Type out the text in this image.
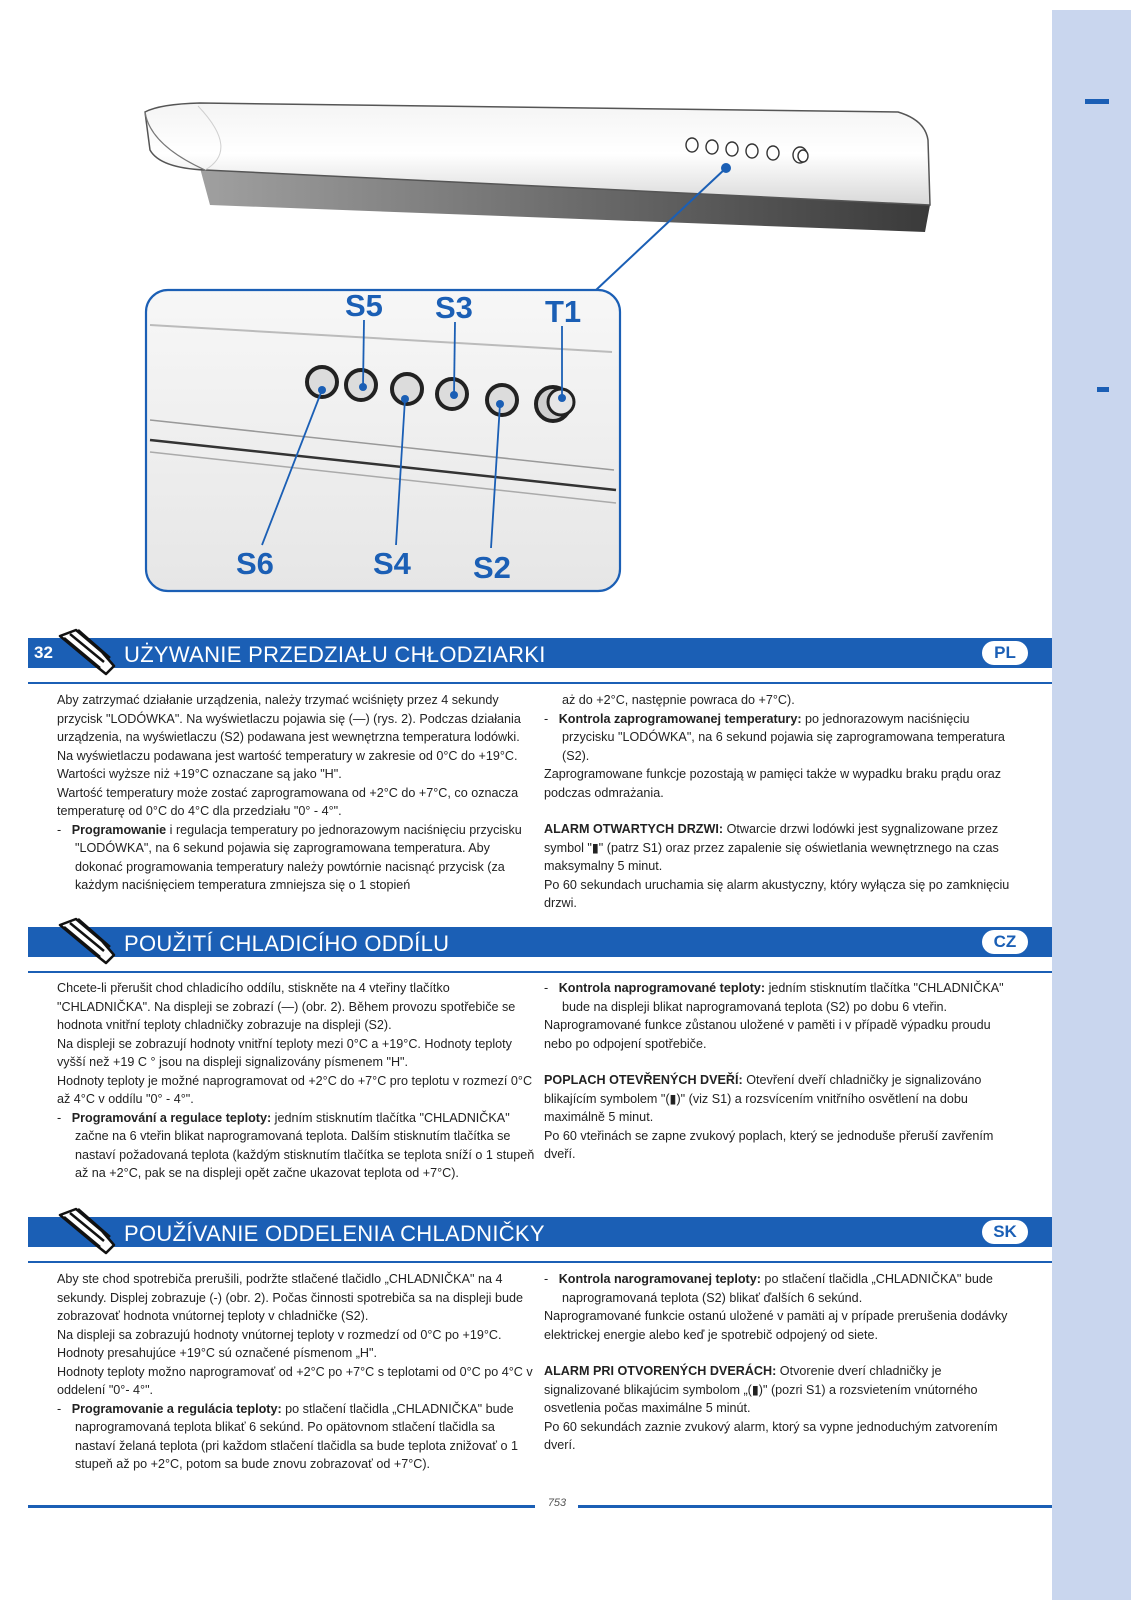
S5 S3 T1
S6	S4 S2
32	UŻYWANIE PRZEDZIAŁU CHŁODZIARKI	PL

Aby zatrzymać działanie urządzenia, należy trzymać wciśnięty przez 4 sekundy przycisk "LODÓWKA". Na wyświetlaczu pojawia się (—) (rys. 2). Podczas działania urządzenia, na wyświetlaczu (S2) podawana jest wewnętrzna temperatura lodówki.

Na wyświetlaczu podawana jest wartość temperatury w zakresie od 0°C do +19°C. Wartości wyższe niż +19°C oznaczane są jako "H".

Wartość temperatury może zostać zaprogramowana od +2°C do +7°C, co oznacza temperaturę od 0°C do 4°C dla przedziału "0° - 4°".

-   Programowanie i regulacja temperatury po jednorazowym naciśnięciu przycisku "LODÓWKA", na 6 sekund pojawia się zaprogramowana temperatura. Aby dokonać programowania temperatury należy powtórnie nacisnąć przycisk (za każdym naciśnięciem temperatura zmniejsza się o 1 stopień

aż do +2°C, następnie powraca do +7°C).

-   Kontrola zaprogramowanej temperatury: po jednorazowym naciśnięciu przycisku "LODÓWKA", na 6 sekund pojawia się zaprogramowana temperatura (S2).

Zaprogramowane funkcje pozostają w pamięci także w wypadku braku prądu oraz podczas odmrażania.

ALARM OTWARTYCH DRZWI: Otwarcie drzwi lodówki jest sygnalizowane przez symbol "▮" (patrz S1) oraz przez zapalenie się oświetlania wewnętrznego na czas maksymalny 5 minut.

Po 60 sekundach uruchamia się alarm akustyczny, który wyłącza się po zamknięciu drzwi.

POUŽITÍ CHLADICÍHO ODDÍLU	CZ

Chcete-li přerušit chod chladicího oddílu, stiskněte na 4 vteřiny tlačítko "CHLADNIČKA". Na displeji se zobrazí (—) (obr. 2). Během provozu spotřebiče se hodnota vnitřní teploty chladničky zobrazuje na displeji (S2).

Na displeji se zobrazují hodnoty vnitřní teploty mezi 0°C a +19°C. Hodnoty teploty vyšší než +19 C ° jsou na displeji signalizovány písmenem "H".

Hodnoty teploty je možné naprogramovat od +2°C do +7°C pro teplotu v rozmezí 0°C až 4°C v oddílu "0° - 4°".

-   Programování a regulace teploty: jedním stisknutím tlačítka "CHLADNIČKA" začne na 6 vteřin blikat naprogramovaná teplota. Dalším stisknutím tlačítka se nastaví požadovaná teplota (každým stisknutím tlačítka se teplota sníží o 1 stupeň až na +2°C, pak se na displeji opět začne ukazovat teplota od +7°C).

-   Kontrola naprogramované teploty: jedním stisknutím tlačítka "CHLADNIČKA" bude na displeji blikat naprogramovaná teplota (S2) po dobu 6 vteřin.

Naprogramované funkce zůstanou uložené v paměti i v případě výpadku proudu nebo po odpojení spotřebiče.

POPLACH OTEVŘENÝCH DVEŘÍ: Otevření dveří chladničky je signalizováno blikajícím symbolem "(▮)" (viz S1) a rozsvícením vnitřního osvětlení na dobu maximálně 5 minut.

Po 60 vteřinách se zapne zvukový poplach, který se jednoduše přeruší zavřením dveří.

POUŽÍVANIE ODDELENIA CHLADNIČKY	SK

Aby ste chod spotrebiča prerušili, podržte stlačené tlačidlo „CHLADNIČKA" na 4 sekundy. Displej zobrazuje (-) (obr. 2). Počas činnosti spotrebiča sa na displeji bude zobrazovať hodnota vnútornej teploty v chladničke (S2).

Na displeji sa zobrazujú hodnoty vnútornej teploty v rozmedzí od 0°C po +19°C. Hodnoty presahujúce +19°C sú označené písmenom „H".

Hodnoty teploty možno naprogramovať od +2°C po +7°C s teplotami od 0°C po 4°C v oddelení "0°- 4°".

-   Programovanie a regulácia teploty: po stlačení tlačidla „CHLADNIČKA" bude naprogramovaná teplota blikať 6 sekúnd. Po opätovnom stlačení tlačidla sa nastaví želaná teplota (pri každom stlačení tlačidla sa bude teplota znižovať o 1 stupeň až po +2°C, potom sa bude znovu zobrazovať od +7°C).

-   Kontrola narogramovanej teploty: po stlačení tlačidla „CHLADNIČKA" bude naprogramovaná teplota (S2) blikať ďalších 6 sekúnd.

Naprogramované funkcie ostanú uložené v pamäti aj v prípade prerušenia dodávky elektrickej energie alebo keď je spotrebič odpojený od siete.

ALARM PRI OTVORENÝCH DVERÁCH: Otvorenie dverí chladničky je signalizované blikajúcim symbolom „(▮)" (pozri S1) a rozsvietením vnútorného osvetlenia počas maximálne 5 minút.

Po 60 sekundách zaznie zvukový alarm, ktorý sa vypne jednoduchým zatvorením dverí.

753
